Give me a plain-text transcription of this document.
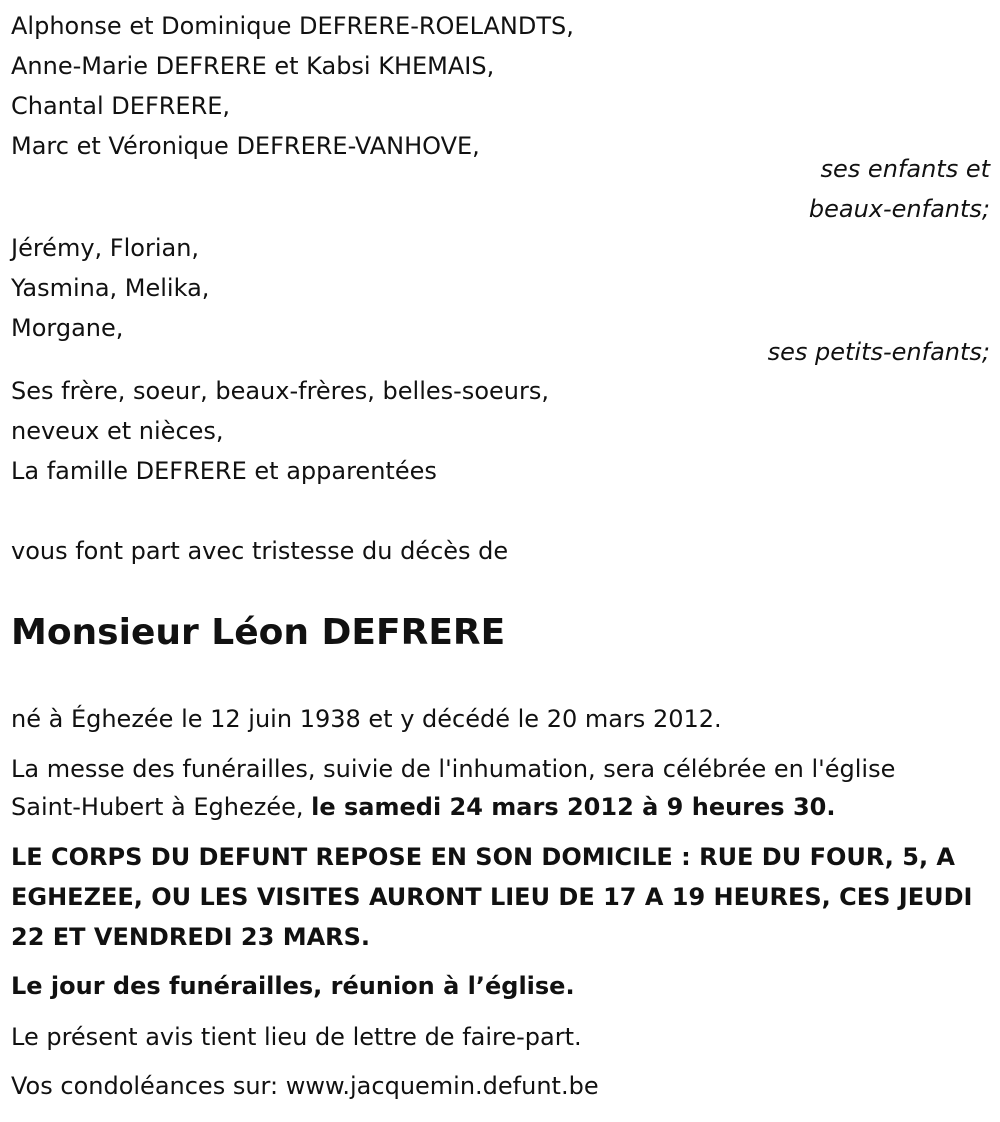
Alphonse et Dominique DEFRERE-ROELANDTS,
Anne-Marie DEFRERE et Kabsi KHEMAIS,
Chantal DEFRERE,
Marc et Véronique DEFRERE-VANHOVE,
ses enfants et
beaux-enfants;
Jérémy, Florian,
Yasmina, Melika,
Morgane,
ses petits-enfants;
Ses frère, soeur, beaux-frères, belles-soeurs,
neveux et nièces,
La famille DEFRERE et apparentées
vous font part avec tristesse du décès de
Monsieur Léon DEFRERE
né à Éghezée le 12 juin 1938 et y décédé le 20 mars 2012.
La messe des funérailles, suivie de l'inhumation, sera célébrée en l'église
Saint-Hubert à Eghezée, le samedi 24 mars 2012 à 9 heures 30.
LE CORPS DU DEFUNT REPOSE EN SON DOMICILE : RUE DU FOUR, 5, A
EGHEZEE, OU LES VISITES AURONT LIEU DE 17 A 19 HEURES, CES JEUDI
22 ET VENDREDI 23 MARS.
Le jour des funérailles, réunion à l’église.
Le présent avis tient lieu de lettre de faire-part.
Vos condoléances sur: www.jacquemin.defunt.be
